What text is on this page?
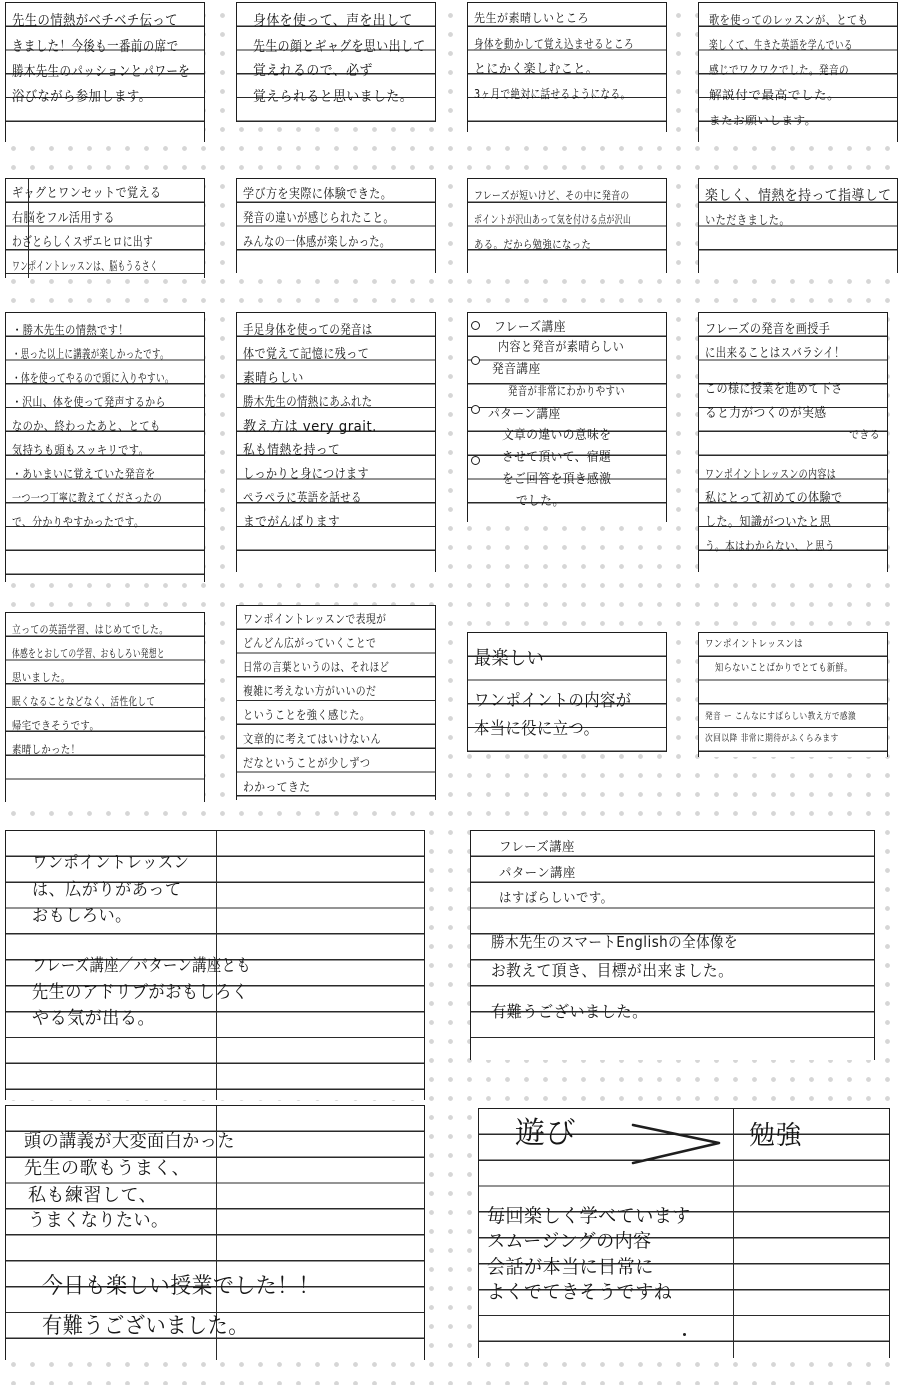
先生の情熱がベチベチ伝って
きました！今後も一番前の席で
勝木先生のパッションとパワーを
浴びながら参加します。
身体を使って、声を出して
先生の顔とギャグを思い出して
覚えれるので、必ず
覚えられると思いました。
先生が素晴しいところ
身体を動かして覚え込ませるところ
とにかく楽しむこと。
3ヶ月で絶対に話せるようになる。
歌を使ってのレッスンが、とても
楽しくて、生きた英語を学んでいる
感じでワクワクでした。発音の
解説付で最高でした。
またお願いします。
ギャグとワンセットで覚える
右脳をフル活用する
わざとらしくスザエヒロに出す
ワンポイントレッスンは、脳もうるさく
学び方を実際に体験できた。
発音の違いが感じられたこと。
みんなの一体感が楽しかった。
フレーズが短いけど、その中に発音の
ポイントが沢山あって気を付ける点が沢山
ある。だから勉強になった
楽しく、情熱を持って指導して
いただきました。
・勝木先生の情熱です！
・思った以上に講義が楽しかったです。
・体を使ってやるので頭に入りやすい。
・沢山、体を使って発声するから
なのか、終わったあと、とても
気持ちも頭もスッキリです。
・あいまいに覚えていた発音を
一つ一つ丁寧に教えてくださったの
で、分かりやすかったです。
手足身体を使っての発音は
体で覚えて記憶に残って
素晴らしい
勝木先生の情熱にあふれた
教え方は very grait.
私も情熱を持って
しっかりと身につけます
ペラペラに英語を話せる
までがんばります
フレーズ講座
内容と発音が素晴らしい
発音講座
発音が非常にわかりやすい
パターン講座
文章の違いの意味を
させて頂いて、宿題
をご回答を頂き感激
でした。
フレーズの発音を画授手
に出来ることはスバラシイ！
この様に授業を進めて下さ
ると力がつくのが実感
できる
ワンポイントレッスンの内容は
私にとって初めての体験で
した。知識がついたと思
う。本はわからない、と思う
立っての英語学習、はじめてでした。
体感をとおしての学習、おもしろい発想と
思いました。
眠くなることなどなく、活性化して
帰宅できそうです。
素晴しかった！
ワンポイントレッスンで表現が
どんどん広がっていくことで
日常の言葉というのは、それほど
複雑に考えない方がいいのだ
ということを強く感じた。
文章的に考えてはいけないん
だなということが少しずつ
わかってきた
最楽しい
ワンポイントの内容が
本当に役に立つ。
ワンポイントレッスンは
知らないことばかりでとても新鮮。
発音 ー こんなにすばらしい教え方で感激
次回以降 非常に期待がふくらみます
ワンポイントレッスン
は、広がりがあって
おもしろい。
フレーズ講座／パターン講座とも
先生のアドリブがおもしろく
やる気が出る。
フレーズ講座
パターン講座
はすばらしいです。
勝木先生のスマートEnglishの全体像を
お教えて頂き、目標が出来ました。
有難うございました。
頭の講義が大変面白かった
先生の歌もうまく、
私も練習して、
うまくなりたい。
今日も楽しい授業でした！！
有難うございました。
遊び	勉強
毎回楽しく学べています
スムージングの内容
会話が本当に日常に
よくでてきそうですね
